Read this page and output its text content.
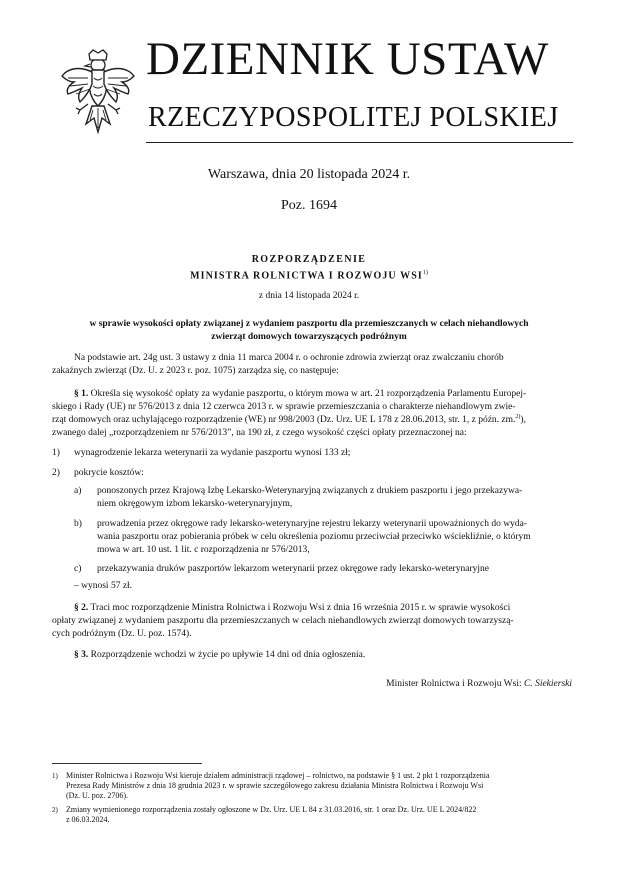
DZIENNIK USTAW
RZECZYPOSPOLITEJ POLSKIEJ
Warszawa, dnia 20 listopada 2024 r.
Poz. 1694
ROZPORZĄDZENIE
MINISTRA ROLNICTWA I ROZWOJU WSI$^{1)}$
z dnia 14 listopada 2024 r.
w sprawie wysokości opłaty związanej z wydaniem paszportu dla przemieszczanych w celach niehandlowych
zwierząt domowych towarzyszących podróżnym
Na podstawie art. 24g ust. 3 ustawy z dnia 11 marca 2004 r. o ochronie zdrowia zwierząt oraz zwalczaniu chorób
zakaźnych zwierząt (Dz. U. z 2023 r. poz. 1075) zarządza się, co następuje:
§ 1. Określa się wysokość opłaty za wydanie paszportu, o którym mowa w art. 21 rozporządzenia Parlamentu Europej-
skiego i Rady (UE) nr 576/2013 z dnia 12 czerwca 2013 r. w sprawie przemieszczania o charakterze niehandlowym zwie-
rząt domowych oraz uchylającego rozporządzenie (WE) nr 998/2003 (Dz. Urz. UE L 178 z 28.06.2013, str. 1, z późn. zm.$^{2)}$),
zwanego dalej „rozporządzeniem nr 576/2013”, na 190 zł, z czego wysokość części opłaty przeznaczonej na:
1) wynagrodzenie lekarza weterynarii za wydanie paszportu wynosi 133 zł;
2) pokrycie kosztów:
a) ponoszonych przez Krajową Izbę Lekarsko-Weterynaryjną związanych z drukiem paszportu i jego przekazywa-
niem okręgowym izbom lekarsko-weterynaryjnym,
b) prowadzenia przez okręgowe rady lekarsko-weterynaryjne rejestru lekarzy weterynarii upoważnionych do wyda-
wania paszportu oraz pobierania próbek w celu określenia poziomu przeciwciał przeciwko wściekliźnie, o którym
mowa w art. 10 ust. 1 lit. c rozporządzenia nr 576/2013,
c) przekazywania druków paszportów lekarzom weterynarii przez okręgowe rady lekarsko-weterynaryjne
– wynosi 57 zł.
§ 2. Traci moc rozporządzenie Ministra Rolnictwa i Rozwoju Wsi z dnia 16 września 2015 r. w sprawie wysokości
opłaty związanej z wydaniem paszportu dla przemieszczanych w celach niehandlowych zwierząt domowych towarzyszą-
cych podróżnym (Dz. U. poz. 1574).
§ 3. Rozporządzenie wchodzi w życie po upływie 14 dni od dnia ogłoszenia.
Minister Rolnictwa i Rozwoju Wsi: C. Siekierski
1) Minister Rolnictwa i Rozwoju Wsi kieruje działem administracji rządowej – rolnictwo, na podstawie § 1 ust. 2 pkt 1 rozporządzenia
Prezesa Rady Ministrów z dnia 18 grudnia 2023 r. w sprawie szczegółowego zakresu działania Ministra Rolnictwa i Rozwoju Wsi
(Dz. U. poz. 2706).
2) Zmiany wymienionego rozporządzenia zostały ogłoszone w Dz. Urz. UE L 84 z 31.03.2016, str. 1 oraz Dz. Urz. UE L 2024/822
z 06.03.2024.
